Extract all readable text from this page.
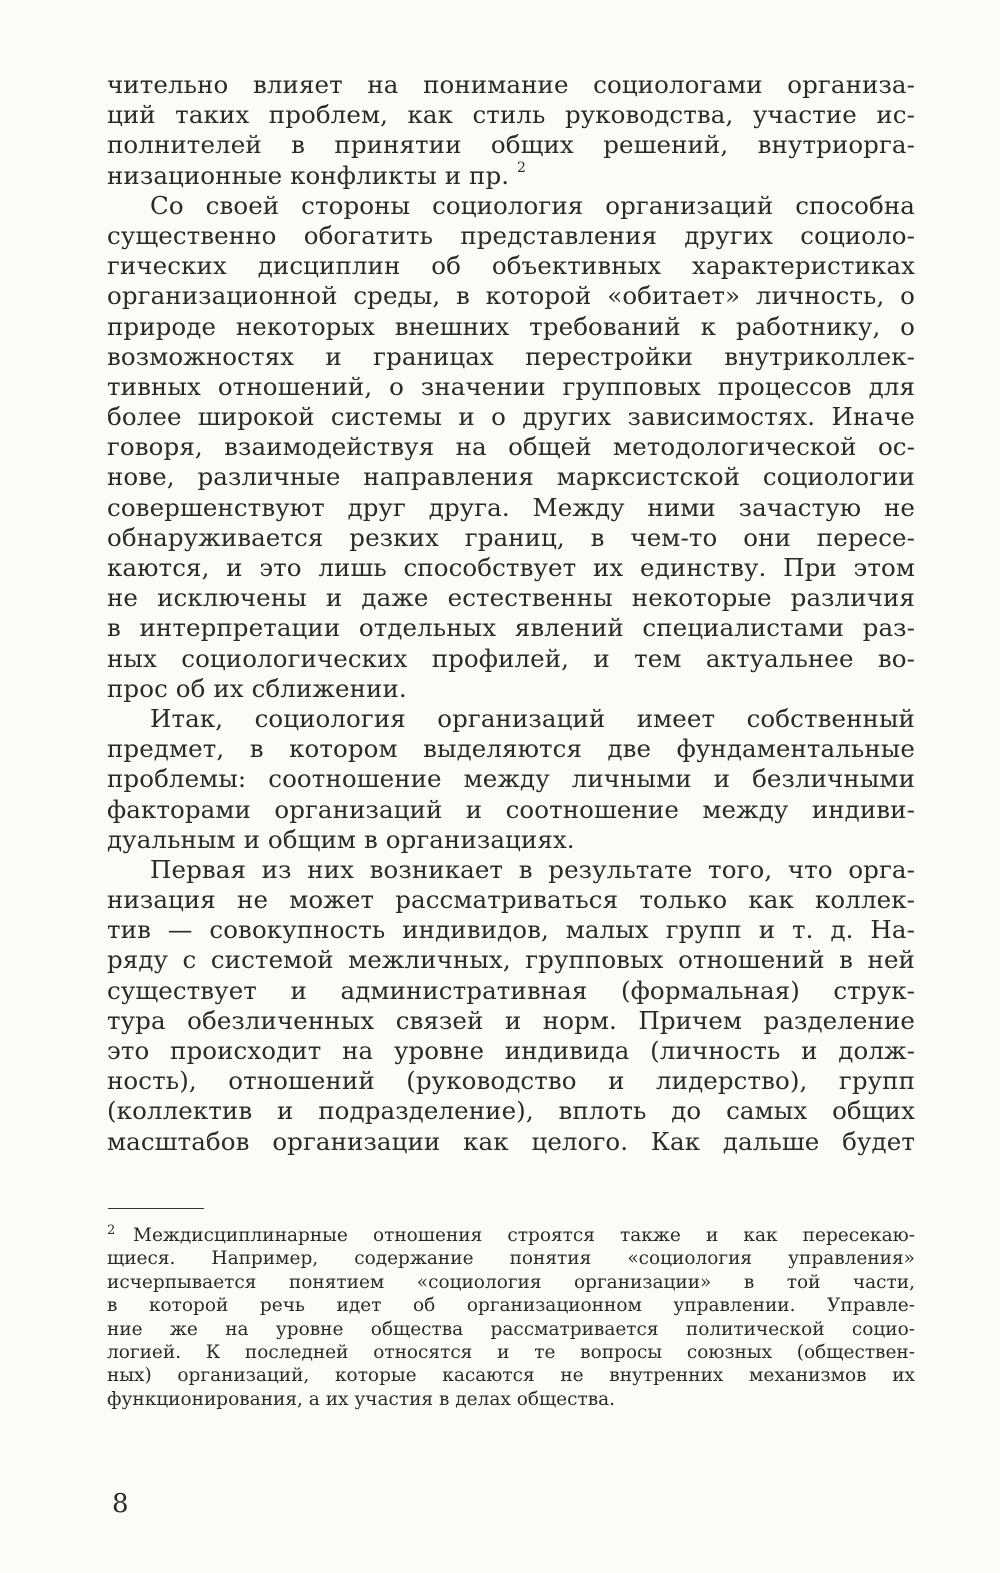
чительно влияет на понимание социологами организа-
ций таких проблем, как стиль руководства, участие ис-
полнителей в принятии общих решений, внутриорга-
низационные конфликты и пр. $^2$
Со своей стороны социология организаций способна
существенно обогатить представления других социоло-
гических дисциплин об объективных характеристиках
организационной среды, в которой «обитает» личность, о
природе некоторых внешних требований к работнику, о
возможностях и границах перестройки внутриколлек-
тивных отношений, о значении групповых процессов для
более широкой системы и о других зависимостях. Иначе
говоря, взаимодействуя на общей методологической ос-
нове, различные направления марксистской социологии
совершенствуют друг друга. Между ними зачастую не
обнаруживается резких границ, в чем-то они пересе-
каются, и это лишь способствует их единству. При этом
не исключены и даже естественны некоторые различия
в интерпретации отдельных явлений специалистами раз-
ных социологических профилей, и тем актуальнее во-
прос об их сближении.
Итак, социология организаций имеет собственный
предмет, в котором выделяются две фундаментальные
проблемы: соотношение между личными и безличными
факторами организаций и соотношение между индиви-
дуальным и общим в организациях.
Первая из них возникает в результате того, что орга-
низация не может рассматриваться только как коллек-
тив — совокупность индивидов, малых групп и т. д. На-
ряду с системой межличных, групповых отношений в ней
существует и административная (формальная) струк-
тура обезличенных связей и норм. Причем разделение
это происходит на уровне индивида (личность и долж-
ность), отношений (руководство и лидерство), групп
(коллектив и подразделение), вплоть до самых общих
масштабов организации как целого. Как дальше будет
2 Междисциплинарные отношения строятся также и как пересекаю-
щиеся. Например, содержание понятия «социология управления»
исчерпывается понятием «социология организации» в той части,
в которой речь идет об организационном управлении. Управле-
ние же на уровне общества рассматривается политической социо-
логией. К последней относятся и те вопросы союзных (обществен-
ных) организаций, которые касаются не внутренних механизмов их
функционирования, а их участия в делах общества.
8
